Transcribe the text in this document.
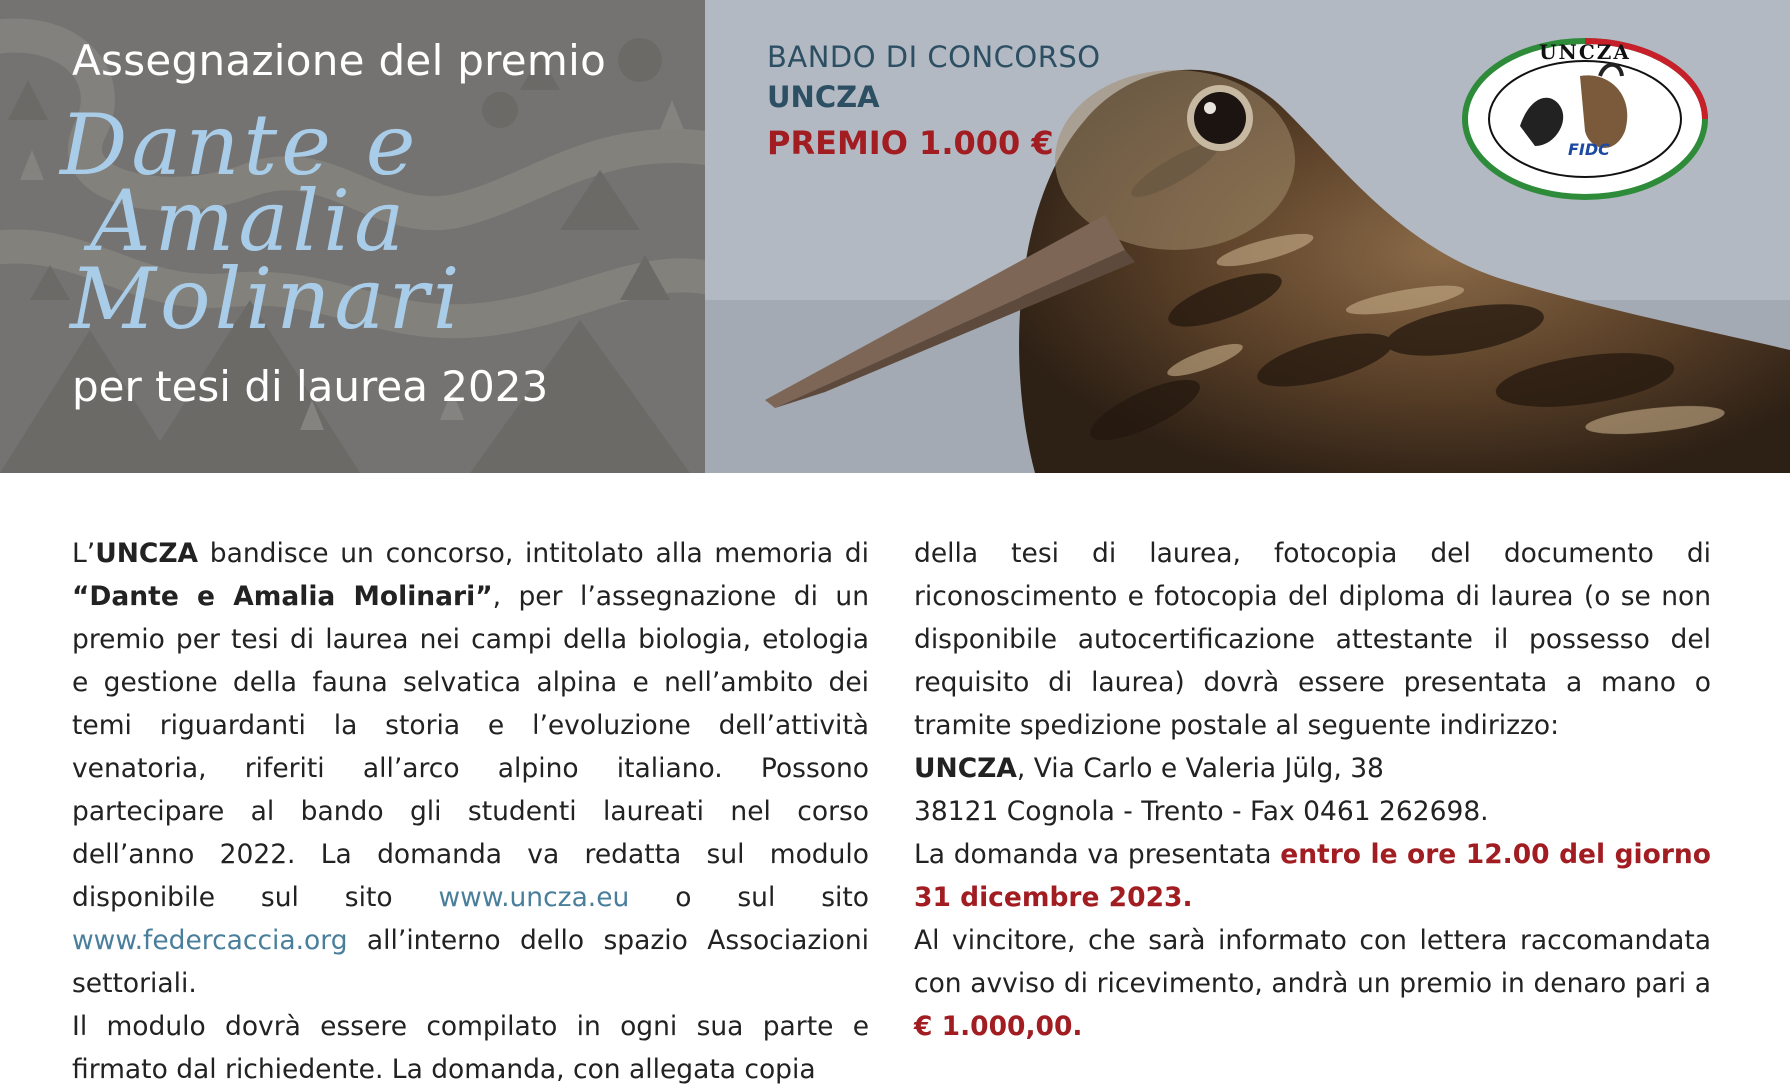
Assegnazione del premio
Dante e
Amalia
Molinari
per tesi di laurea 2023
BANDO DI CONCORSO
UNCZA
PREMIO 1.000 €
UNCZA
FIDC

L’UNCZA bandisce un concorso, intitolato alla memoria di “Dante e Amalia Molinari”, per l’assegnazione di un premio per tesi di laurea nei campi della biologia, etologia e gestione della fauna selvatica alpina e nell’ambito dei temi riguardanti la storia e l’evoluzione dell’attività venatoria, riferiti all’arco alpino italiano. Possono partecipare al bando gli studenti laureati nel corso dell’anno 2022. La domanda va redatta sul modulo disponibile sul sito www.uncza.eu o sul sito www.federcaccia.org all’interno dello spazio Associazioni settoriali.

Il modulo dovrà essere compilato in ogni sua parte e firmato dal richiedente. La domanda, con allegata copia

della tesi di laurea, fotocopia del documento di riconoscimento e fotocopia del diploma di laurea (o se non disponibile autocertificazione attestante il possesso del requisito di laurea) dovrà essere presentata a mano o tramite spedizione postale al seguente indirizzo:

UNCZA, Via Carlo e Valeria Jülg, 38

38121 Cognola - Trento - Fax 0461 262698.

La domanda va presentata entro le ore 12.00 del giorno 31 dicembre 2023.

Al vincitore, che sarà informato con lettera raccomandata con avviso di ricevimento, andrà un premio in denaro pari a € 1.000,00.
